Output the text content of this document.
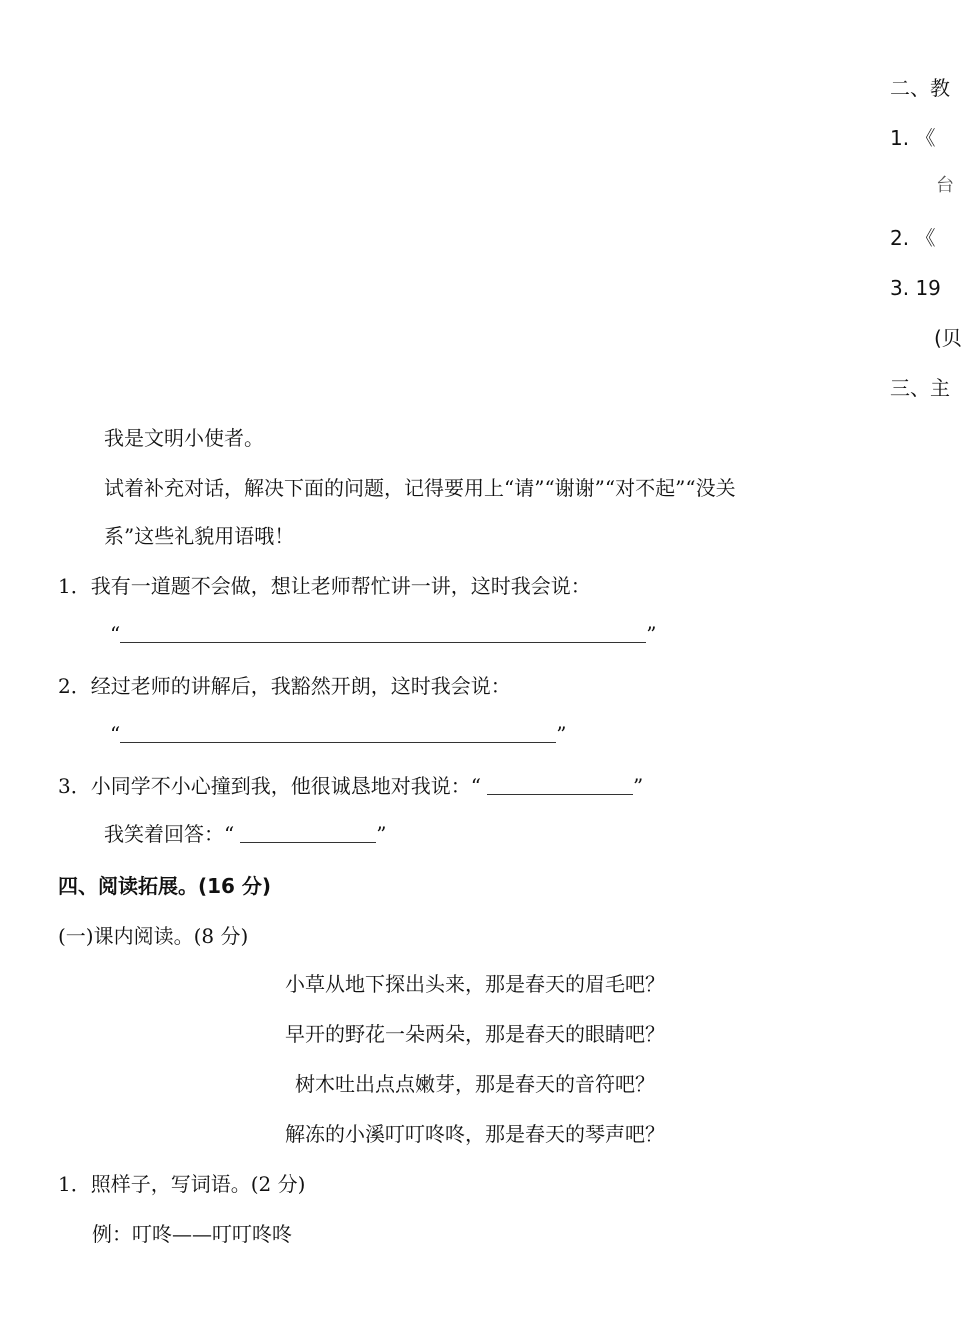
二、教
1. 《
台
2. 《
3. 19
(贝
三、主
我是文明小使者。
试着补充对话，解决下面的问题，记得要用上“请”“谢谢”“对不起”“没关
系”这些礼貌用语哦！
1．我有一道题不会做，想让老师帮忙讲一讲，这时我会说：
“	”
2．经过老师的讲解后，我豁然开朗，这时我会说：
“	”
3．小同学不小心撞到我，他很诚恳地对我说：“	”
我笑着回答：“	”
四、阅读拓展。(16 分)
(一)课内阅读。(8 分)
小草从地下探出头来，那是春天的眉毛吧？
早开的野花一朵两朵，那是春天的眼睛吧？
树木吐出点点嫩芽，那是春天的音符吧？
解冻的小溪叮叮咚咚，那是春天的琴声吧？
1．照样子，写词语。(2 分)
例：叮咚——叮叮咚咚
